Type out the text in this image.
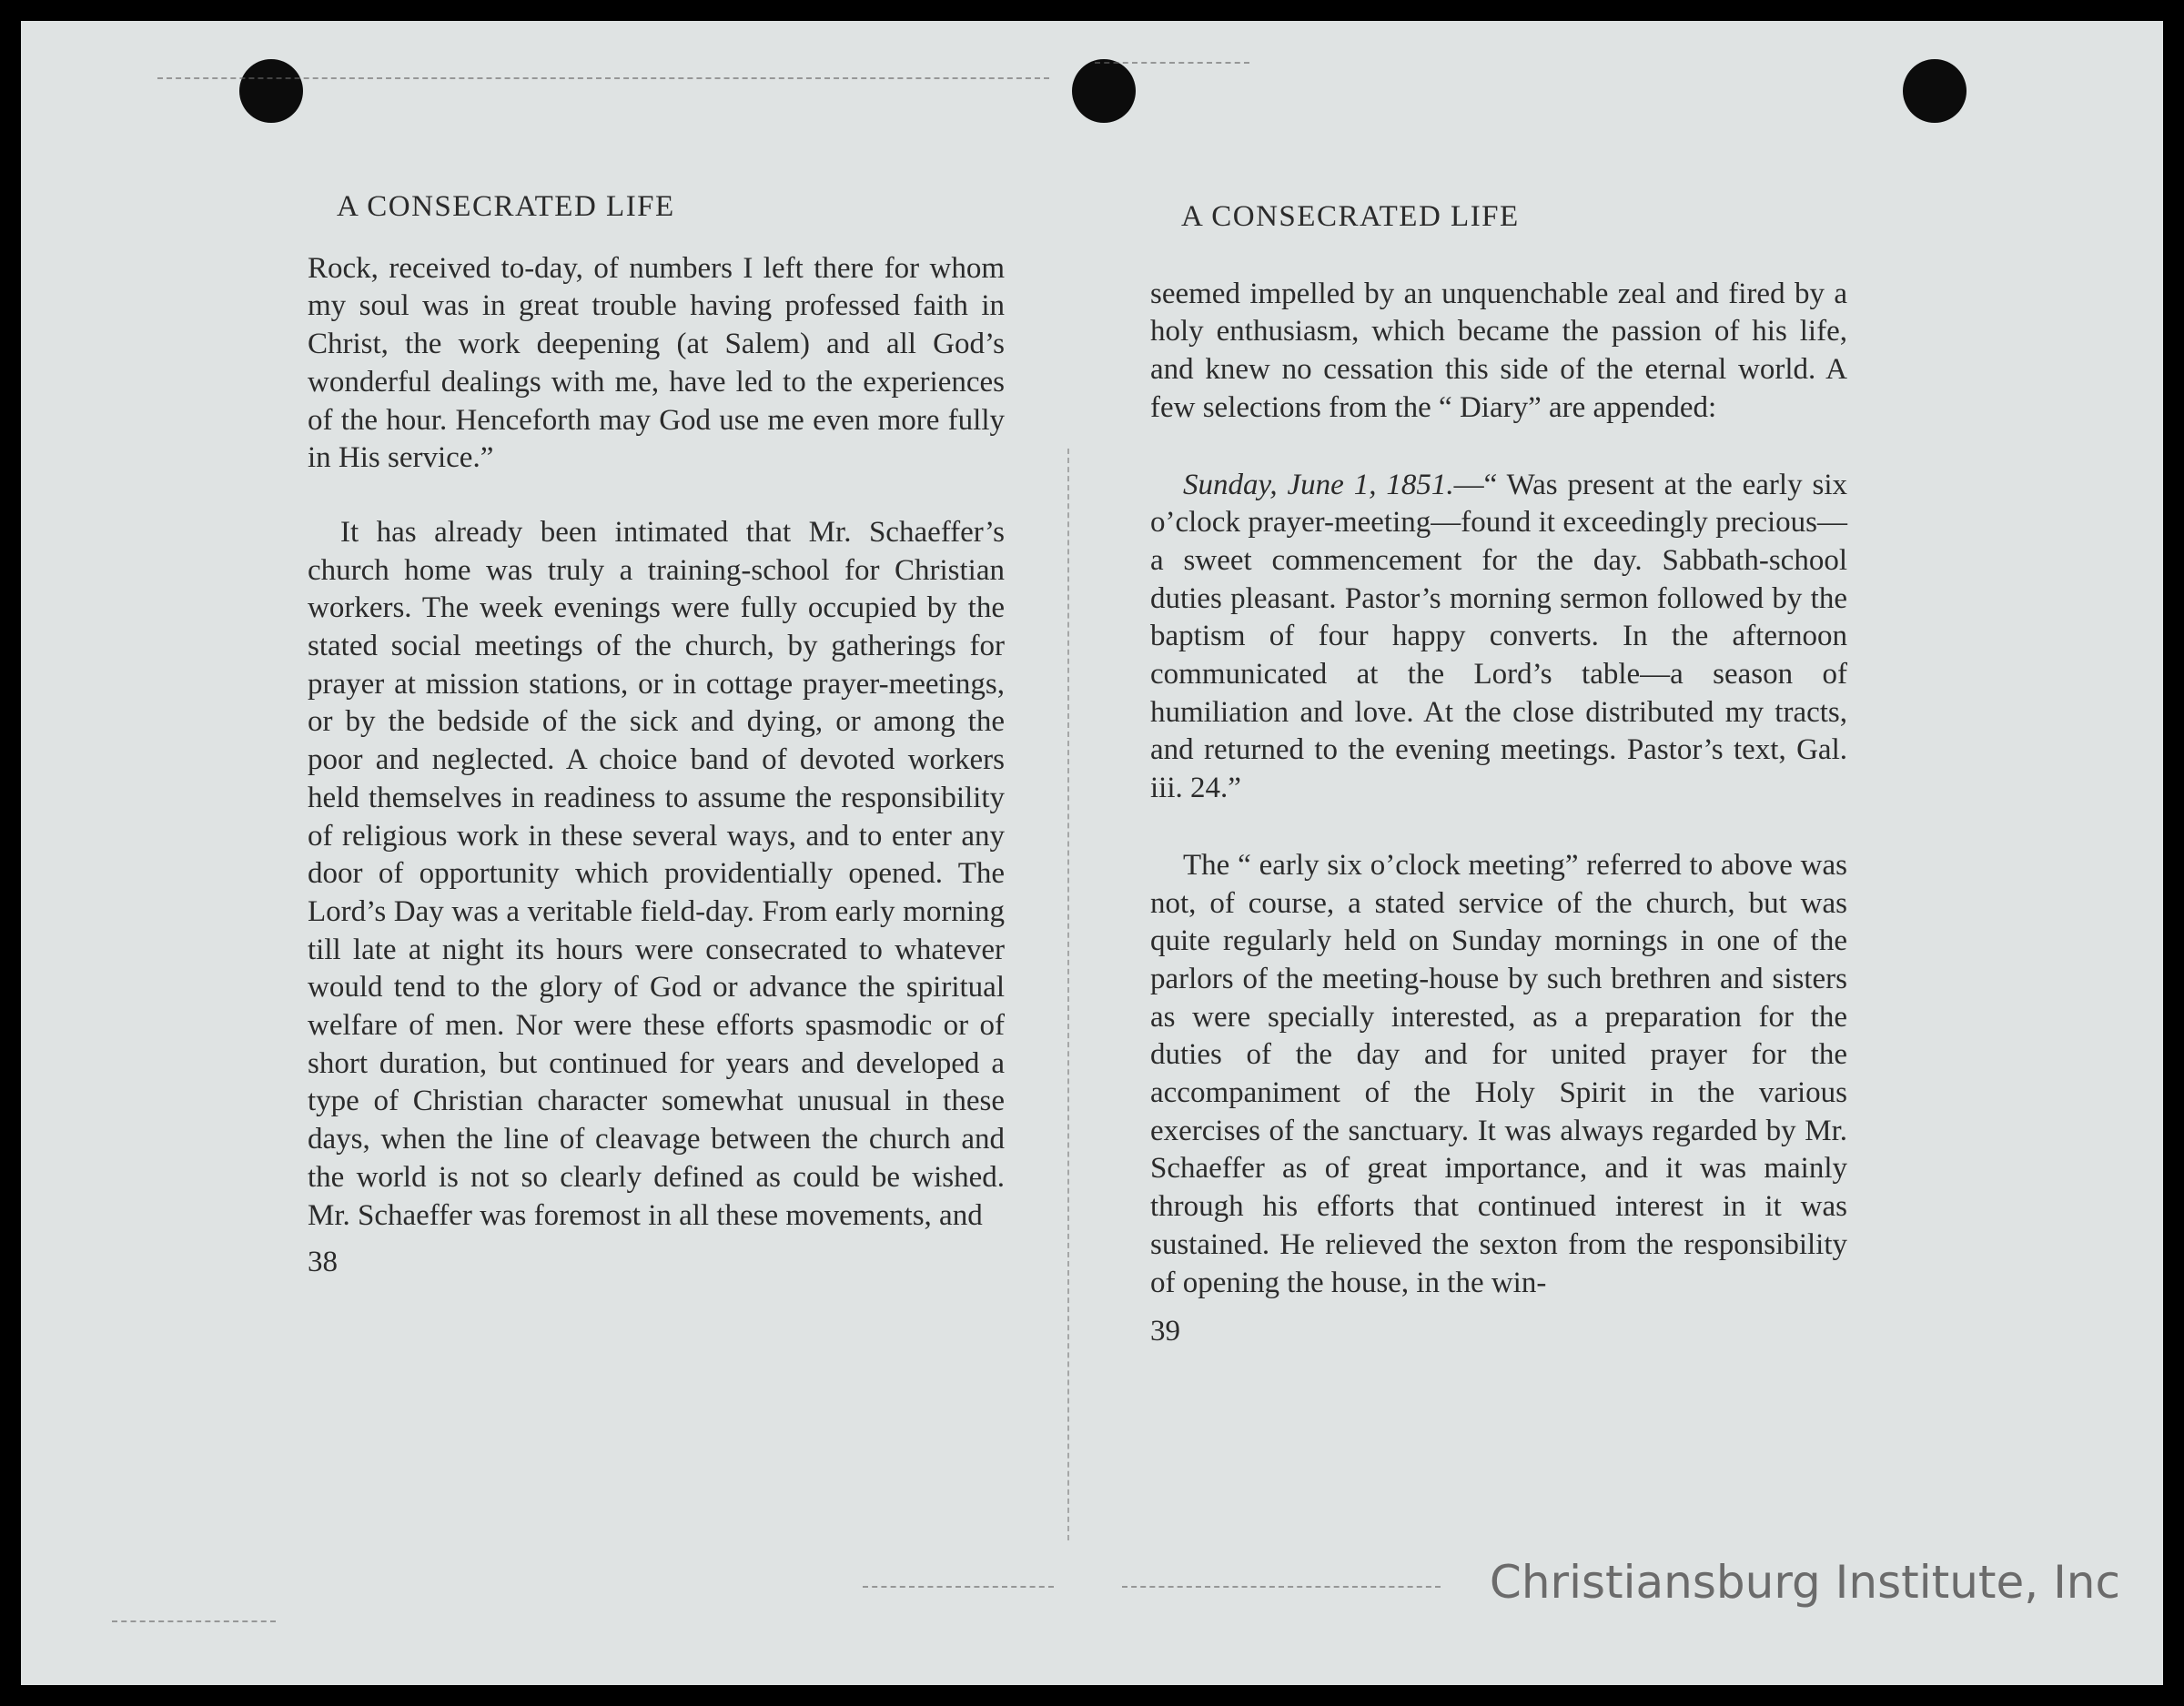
A CONSECRATED LIFE

Rock, received to-day, of numbers I left there for whom my soul was in great trouble having professed faith in Christ, the work deepening (at Salem) and all God’s wonderful dealings with me, have led to the experiences of the hour. Henceforth may God use me even more fully in His service.”

It has already been intimated that Mr. Schaeffer’s church home was truly a training-school for Christian workers. The week evenings were fully occupied by the stated social meetings of the church, by gatherings for prayer at mission stations, or in cottage prayer-meetings, or by the bedside of the sick and dying, or among the poor and neglected. A choice band of devoted workers held themselves in readiness to assume the responsibility of religious work in these several ways, and to enter any door of opportunity which providentially opened. The Lord’s Day was a veritable field-day. From early morning till late at night its hours were consecrated to whatever would tend to the glory of God or advance the spiritual welfare of men. Nor were these efforts spasmodic or of short duration, but continued for years and developed a type of Christian character somewhat unusual in these days, when the line of cleavage between the church and the world is not so clearly defined as could be wished. Mr. Schaeffer was foremost in all these movements, and

38

A CONSECRATED LIFE

seemed impelled by an unquenchable zeal and fired by a holy enthusiasm, which became the passion of his life, and knew no cessation this side of the eternal world. A few selections from the “ Diary” are appended:

Sunday, June 1, 1851.—“ Was present at the early six o’clock prayer-meeting—found it exceedingly precious—a sweet commencement for the day. Sabbath-school duties pleasant. Pastor’s morning sermon followed by the baptism of four happy converts. In the afternoon communicated at the Lord’s table—a season of humiliation and love. At the close distributed my tracts, and returned to the evening meetings. Pastor’s text, Gal. iii. 24.”

The “ early six o’clock meeting” referred to above was not, of course, a stated service of the church, but was quite regularly held on Sunday mornings in one of the parlors of the meeting-house by such brethren and sisters as were specially interested, as a preparation for the duties of the day and for united prayer for the accompaniment of the Holy Spirit in the various exercises of the sanctuary. It was always regarded by Mr. Schaeffer as of great importance, and it was mainly through his efforts that continued interest in it was sustained. He relieved the sexton from the responsibility of opening the house, in the win-

39

Christiansburg Institute, Inc
